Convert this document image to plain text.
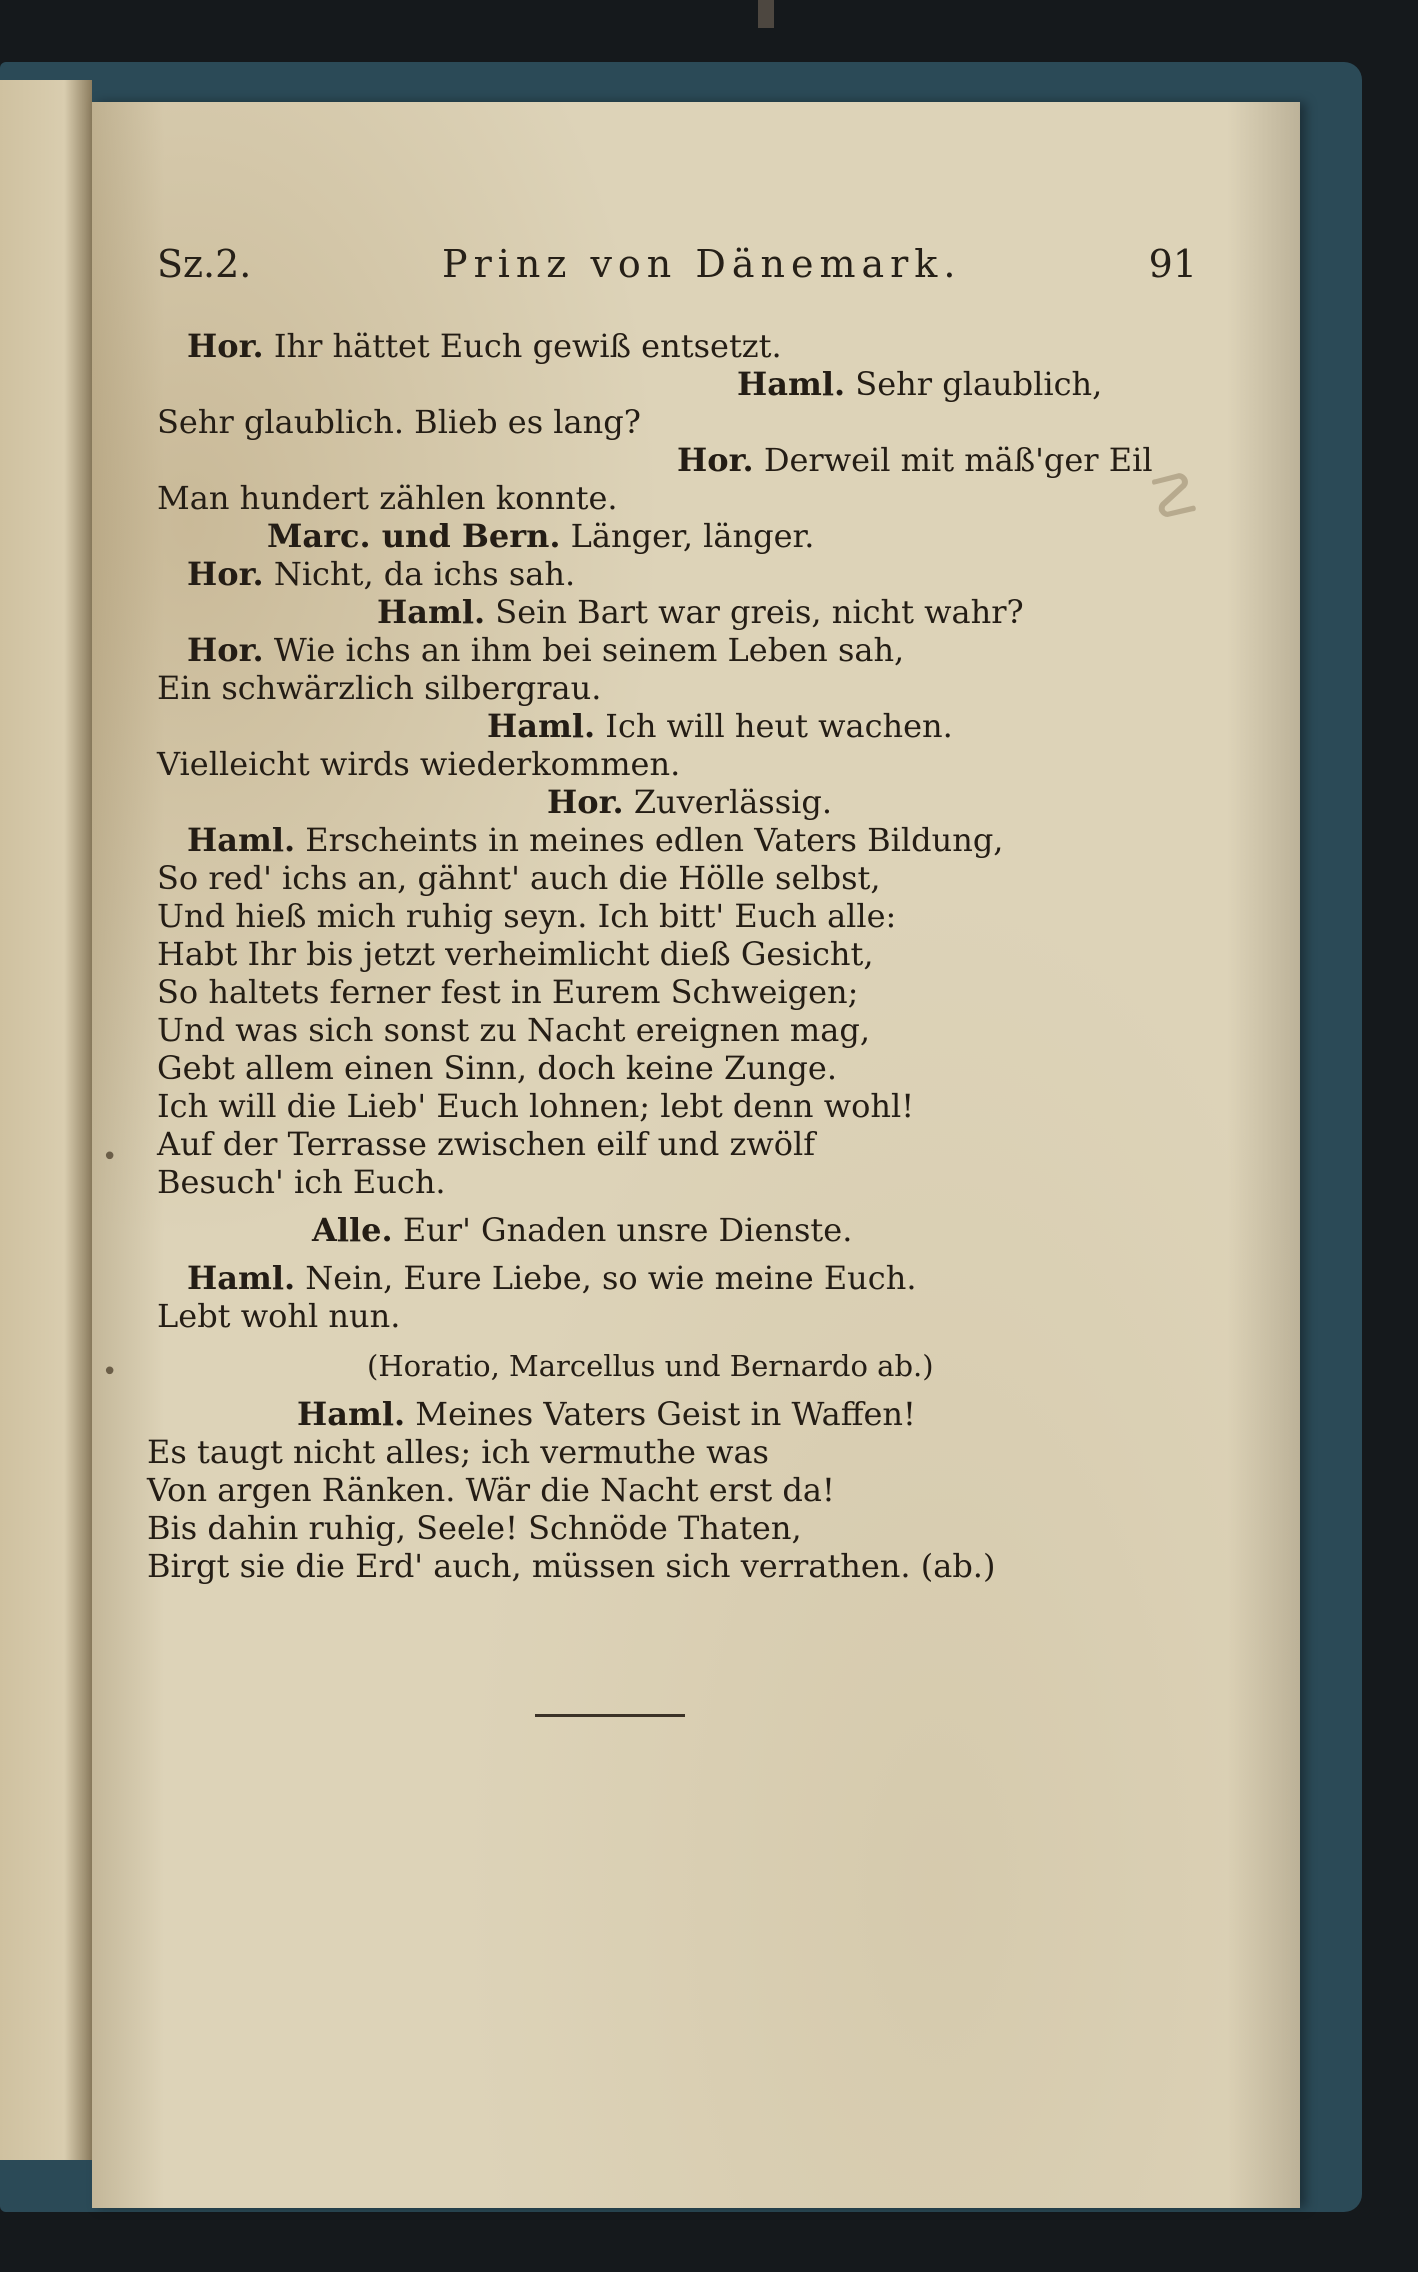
Sz.2.	Prinz von Dänemark.	91
Hor. Ihr hättet Euch gewiß entsetzt.
Haml. Sehr glaublich,
Sehr glaublich. Blieb es lang?
Hor. Derweil mit mäß'ger Eil
Man hundert zählen konnte.
Marc. und Bern. Länger, länger.
Hor. Nicht, da ichs sah.
Haml. Sein Bart war greis, nicht wahr?
Hor. Wie ichs an ihm bei seinem Leben sah,
Ein schwärzlich silbergrau.
Haml. Ich will heut wachen.
Vielleicht wirds wiederkommen.
Hor. Zuverlässig.
Haml. Erscheints in meines edlen Vaters Bildung,
So red' ichs an, gähnt' auch die Hölle selbst,
Und hieß mich ruhig seyn. Ich bitt' Euch alle:
Habt Ihr bis jetzt verheimlicht dieß Gesicht,
So haltets ferner fest in Eurem Schweigen;
Und was sich sonst zu Nacht ereignen mag,
Gebt allem einen Sinn, doch keine Zunge.
Ich will die Lieb' Euch lohnen; lebt denn wohl!
Auf der Terrasse zwischen eilf und zwölf
Besuch' ich Euch.
Alle. Eur' Gnaden unsre Dienste.
Haml. Nein, Eure Liebe, so wie meine Euch.
Lebt wohl nun.
(Horatio, Marcellus und Bernardo ab.)
Haml. Meines Vaters Geist in Waffen!
Es taugt nicht alles; ich vermuthe was
Von argen Ränken. Wär die Nacht erst da!
Bis dahin ruhig, Seele! Schnöde Thaten,
Birgt sie die Erd' auch, müssen sich verrathen. (ab.)
☡
•
•
